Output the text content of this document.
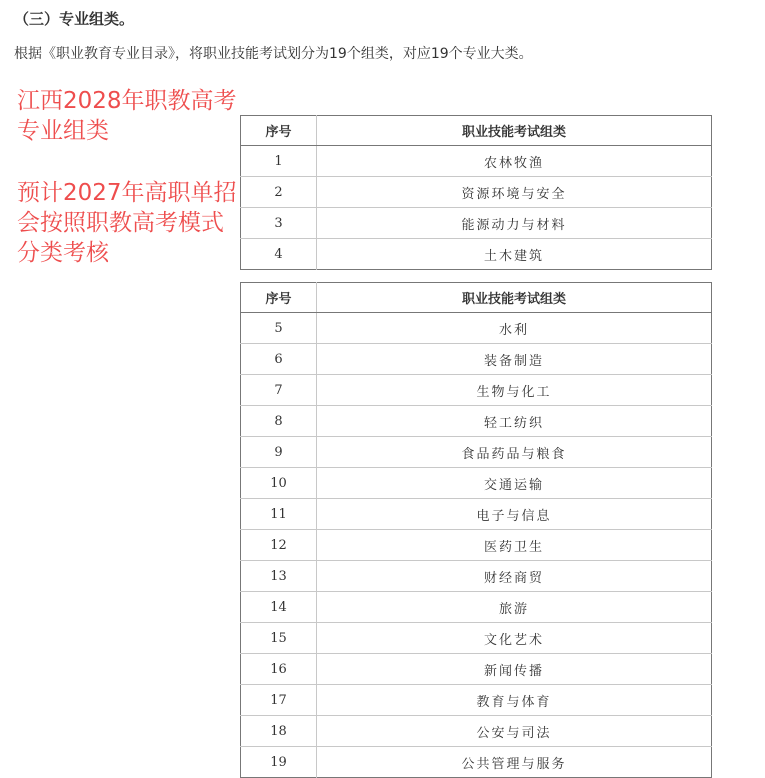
（三）专业组类。
根据《职业教育专业目录》，将职业技能考试划分为19个组类，对应19个专业大类。
江西2028年职教高考
专业组类
预计2027年高职单招
会按照职教高考模式
分类考核
序号	职业技能考试组类
1	农林牧渔
2	资源环境与安全
3	能源动力与材料
4	土木建筑
序号	职业技能考试组类
5	水利
6	装备制造
7	生物与化工
8	轻工纺织
9	食品药品与粮食
10	交通运输
11	电子与信息
12	医药卫生
13	财经商贸
14	旅游
15	文化艺术
16	新闻传播
17	教育与体育
18	公安与司法
19	公共管理与服务
